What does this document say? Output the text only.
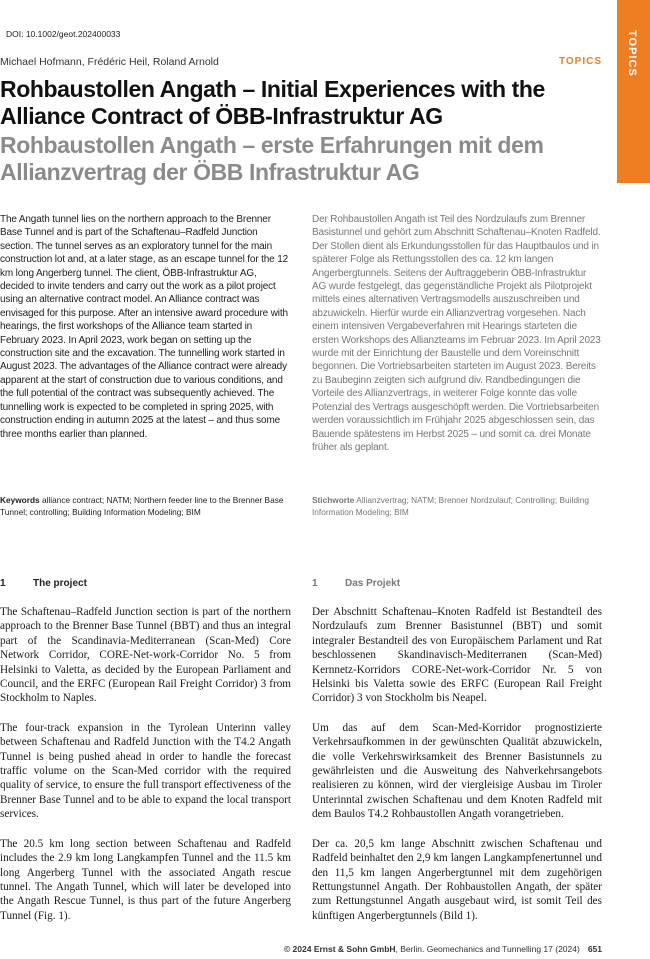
DOI: 10.1002/geot.202400033	TOPICS
Michael Hofmann, Frédéric Heil, Roland Arnold	TOPICS
Rohbaustollen Angath – Initial Experiences with the Alliance Contract of ÖBB-Infrastruktur AG
Rohbaustollen Angath – erste Erfahrungen mit dem Allianzvertrag der ÖBB Infrastruktur AG
The Angath tunnel lies on the northern approach to the Brenner Base Tunnel and is part of the Schaftenau–Radfeld Junction section. The tunnel serves as an exploratory tunnel for the main construction lot and, at a later stage, as an escape tunnel for the 12 km long Angerberg tunnel. The client, ÖBB-Infrastruktur AG, decided to invite tenders and carry out the work as a pilot project using an alternative contract model. An Alliance contract was envisaged for this purpose. After an intensive award procedure with hearings, the first workshops of the Alliance team started in February 2023. In April 2023, work began on setting up the construction site and the excavation. The tunnelling work started in August 2023. The advantages of the Alliance contract were already apparent at the start of construction due to various conditions, and the full potential of the contract was subsequently achieved. The tunnelling work is expected to be completed in spring 2025, with construction ending in autumn 2025 at the latest – and thus some three months earlier than planned.
Der Rohbaustollen Angath ist Teil des Nordzulaufs zum Brenner Basistunnel und gehört zum Abschnitt Schaftenau–Knoten Radfeld. Der Stollen dient als Erkundungsstollen für das Hauptbaulos und in späterer Folge als Rettungsstollen des ca. 12 km langen Angerbergtunnels. Seitens der Auftraggeberin ÖBB-Infrastruktur AG wurde festgelegt, das gegenständliche Projekt als Pilotprojekt mittels eines alternativen Vertragsmodells auszuschreiben und abzuwickeln. Hierfür wurde ein Allianzvertrag vorgesehen. Nach einem intensiven Vergabeverfahren mit Hearings starteten die ersten Workshops des Allianzteams im Februar 2023. Im April 2023 wurde mit der Einrichtung der Baustelle und dem Voreinschnitt begonnen. Die Vortriebsarbeiten starteten im August 2023. Bereits zu Baubeginn zeigten sich aufgrund div. Randbedingungen die Vorteile des Allianzvertrags, in weiterer Folge konnte das volle Potenzial des Vertrags ausgeschöpft werden. Die Vortriebsarbeiten werden voraussichtlich im Frühjahr 2025 abgeschlossen sein, das Bauende spätestens im Herbst 2025 – und somit ca. drei Monate früher als geplant.
Keywords alliance contract; NATM; Northern feeder line to the Brenner Base Tunnel; controlling; Building Information Modeling; BIM
Stichworte Allianzvertrag; NATM; Brenner Nordzulauf; Controlling; Building Information Modeling; BIM
1	The project	1	Das Projekt

The Schaftenau–Radfeld Junction section is part of the northern approach to the Brenner Base Tunnel (BBT) and thus an integral part of the Scandinavia-Mediterranean (Scan-Med) Core Network Corridor, CORE-Net-work-Corridor No. 5 from Helsinki to Valetta, as decided by the European Parliament and Council, and the ERFC (European Rail Freight Corridor) 3 from Stockholm to Naples.

The four-track expansion in the Tyrolean Unterinn valley between Schaftenau and Radfeld Junction with the T4.2 Angath Tunnel is being pushed ahead in order to handle the forecast traffic volume on the Scan-Med corridor with the required quality of service, to ensure the full transport effectiveness of the Brenner Base Tunnel and to be able to expand the local transport services.

The 20.5 km long section between Schaftenau and Radfeld includes the 2.9 km long Langkampfen Tunnel and the 11.5 km long Angerberg Tunnel with the associated Angath rescue tunnel. The Angath Tunnel, which will later be developed into the Angath Rescue Tunnel, is thus part of the future Angerberg Tunnel (Fig. 1).

Der Abschnitt Schaftenau–Knoten Radfeld ist Bestandteil des Nordzulaufs zum Brenner Basistunnel (BBT) und somit integraler Bestandteil des von Europäischem Parlament und Rat beschlossenen Skandinavisch-Mediterranen (Scan-Med) Kernnetz-Korridors CORE-Net-work-Corridor Nr. 5 von Helsinki bis Valetta sowie des ERFC (European Rail Freight Corridor) 3 von Stockholm bis Neapel.

Um das auf dem Scan-Med-Korridor prognostizierte Verkehrsaufkommen in der gewünschten Qualität abzuwickeln, die volle Verkehrswirksamkeit des Brenner Basistunnels zu gewährleisten und die Ausweitung des Nahverkehrsangebots realisieren zu können, wird der viergleisige Ausbau im Tiroler Unterinntal zwischen Schaftenau und dem Knoten Radfeld mit dem Baulos T4.2 Rohbaustollen Angath vorangetrieben.

Der ca. 20,5 km lange Abschnitt zwischen Schaftenau und Radfeld beinhaltet den 2,9 km langen Langkampfenertunnel und den 11,5 km langen Angerbergtunnel mit dem zugehörigen Rettungstunnel Angath. Der Rohbaustollen Angath, der später zum Rettungstunnel Angath ausgebaut wird, ist somit Teil des künftigen Angerbergtunnels (Bild 1).

© 2024 Ernst & Sohn GmbH, Berlin. Geomechanics and Tunnelling 17 (2024) 651
